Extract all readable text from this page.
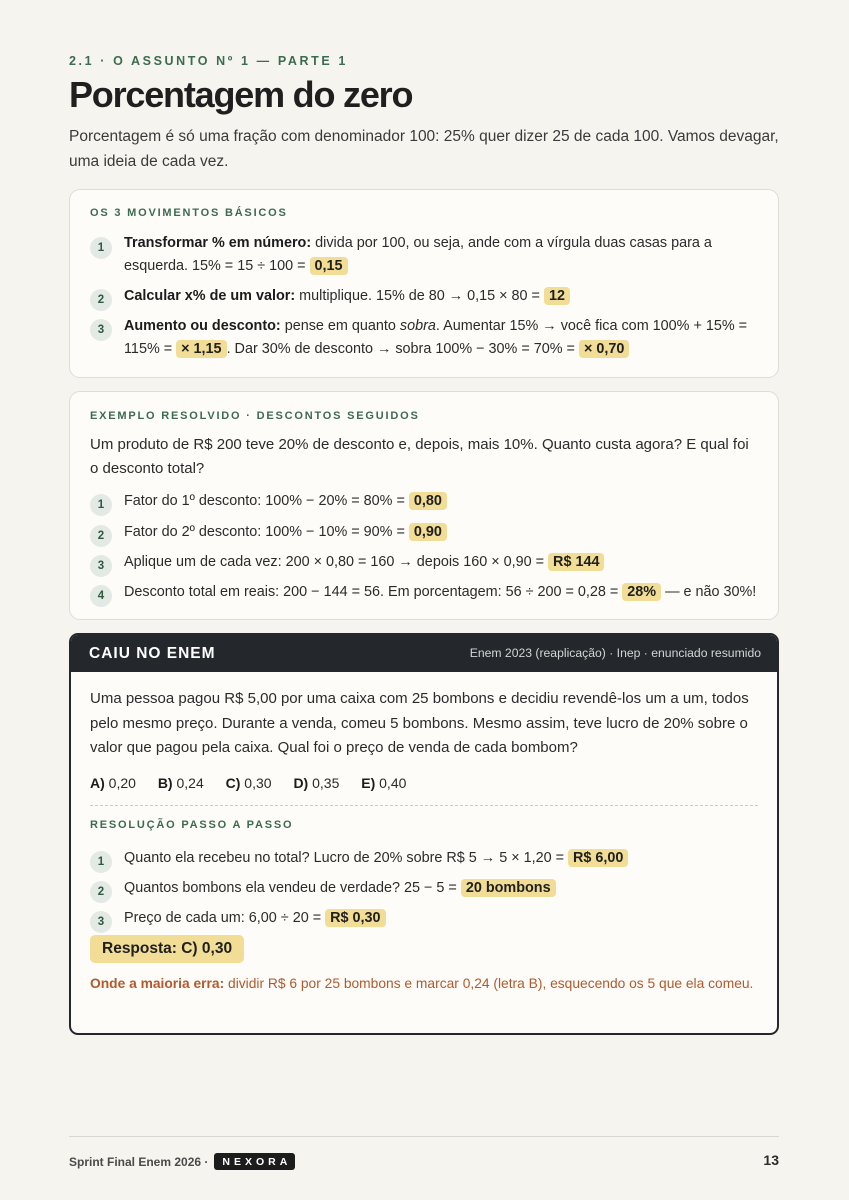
2.1 · O ASSUNTO Nº 1 — PARTE 1
Porcentagem do zero

Porcentagem é só uma fração com denominador 100: 25% quer dizer 25 de cada 100. Vamos devagar, uma ideia de cada vez.

OS 3 MOVIMENTOS BÁSICOS
1	Transformar % em número: divida por 100, ou seja, ande com a vírgula duas casas para a esquerda. 15% = 15 ÷ 100 = 0,15
2	Calcular x% de um valor: multiplique. 15% de 80 → 0,15 × 80 = 12
3	Aumento ou desconto: pense em quanto sobra. Aumentar 15% → você fica com 100% + 15% = 115% = × 1,15 . Dar 30% de desconto → sobra 100% − 30% = 70% = × 0,70
EXEMPLO RESOLVIDO · DESCONTOS SEGUIDOS

Um produto de R$ 200 teve 20% de desconto e, depois, mais 10%. Quanto custa agora? E qual foi o desconto total?

1	Fator do 1º desconto: 100% − 20% = 80% = 0,80
2	Fator do 2º desconto: 100% − 10% = 90% = 0,90
3	Aplique um de cada vez: 200 × 0,80 = 160 → depois 160 × 0,90 = R$ 144
4	Desconto total em reais: 200 − 144 = 56. Em porcentagem: 56 ÷ 200 = 0,28 = 28% — e não 30%!
CAIU NO ENEM	Enem 2023 (reaplicação) · Inep · enunciado resumido

Uma pessoa pagou R$ 5,00 por uma caixa com 25 bombons e decidiu revendê-los um a um, todos pelo mesmo preço. Durante a venda, comeu 5 bombons. Mesmo assim, teve lucro de 20% sobre o valor que pagou pela caixa. Qual foi o preço de venda de cada bombom?

A) 0,20 B) 0,24 C) 0,30 D) 0,35 E) 0,40
RESOLUÇÃO PASSO A PASSO
1	Quanto ela recebeu no total? Lucro de 20% sobre R$ 5 → 5 × 1,20 = R$ 6,00
2	Quantos bombons ela vendeu de verdade? 25 − 5 = 20 bombons
3	Preço de cada um: 6,00 ÷ 20 = R$ 0,30
Resposta: C) 0,30

Onde a maioria erra: dividir R$ 6 por 25 bombons e marcar 0,24 (letra B), esquecendo os 5 que ela comeu.

Sprint Final Enem 2026 ·	NEXORA	13
